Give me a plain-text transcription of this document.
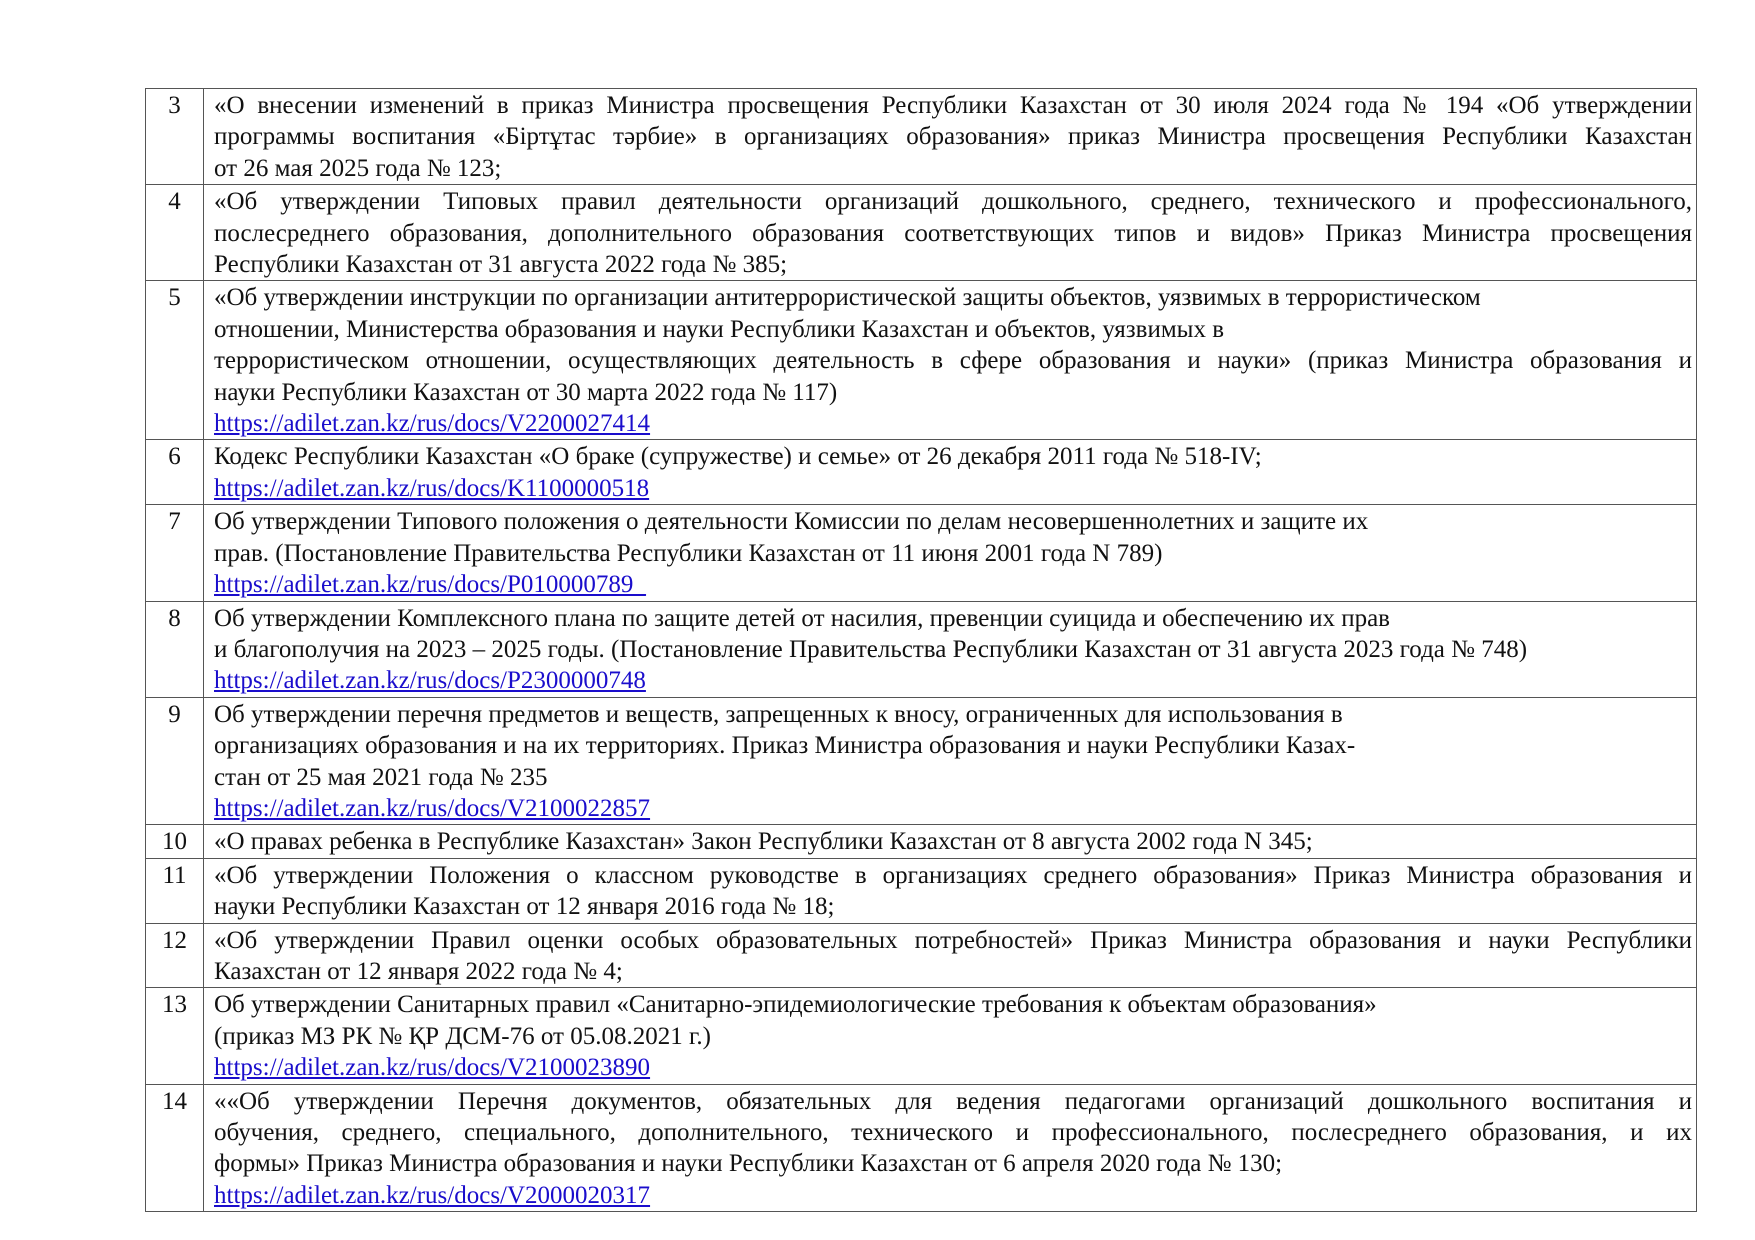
3	«О внесении изменений в приказ Министра просвещения Республики Казахстан от 30 июля 2024 года № 194 «Об утверждении
программы воспитания «Біртұтас тәрбие» в организациях образования» приказ Министра просвещения Республики Казахстан
от 26 мая 2025 года № 123;

4	«Об утверждении Типовых правил деятельности организаций дошкольного, среднего, технического и профессионального,
послесреднего образования, дополнительного образования соответствующих типов и видов» Приказ Министра просвещения
Республики Казахстан от 31 августа 2022 года № 385;

5	«Об утверждении инструкции по организации антитеррористической защиты объектов, уязвимых в террористическом
отношении, Министерства образования и науки Республики Казахстан и объектов, уязвимых в
террористическом отношении, осуществляющих деятельность в сфере образования и науки» (приказ Министра образования и
науки Республики Казахстан от 30 марта 2022 года № 117)
https://adilet.zan.kz/rus/docs/V2200027414

6	Кодекс Республики Казахстан «О браке (супружестве) и семье» от 26 декабря 2011 года № 518-IV;
https://adilet.zan.kz/rus/docs/K1100000518

7	Об утверждении Типового положения о деятельности Комиссии по делам несовершеннолетних и защите их
прав. (Постановление Правительства Республики Казахстан от 11 июня 2001 года N 789)
https://adilet.zan.kz/rus/docs/P010000789_

8	Об утверждении Комплексного плана по защите детей от насилия, превенции суицида и обеспечению их прав
и благополучия на 2023 – 2025 годы. (Постановление Правительства Республики Казахстан от 31 августа 2023 года № 748)
https://adilet.zan.kz/rus/docs/P2300000748

9	Об утверждении перечня предметов и веществ, запрещенных к вносу, ограниченных для использования в
организациях образования и на их территориях. Приказ Министра образования и науки Республики Казах-
стан от 25 мая 2021 года № 235
https://adilet.zan.kz/rus/docs/V2100022857

10	«О правах ребенка в Республике Казахстан» Закон Республики Казахстан от 8 августа 2002 года N 345;

11	«Об утверждении Положения о классном руководстве в организациях среднего образования» Приказ Министра образования и
науки Республики Казахстан от 12 января 2016 года № 18;

12	«Об утверждении Правил оценки особых образовательных потребностей» Приказ Министра образования и науки Республики
Казахстан от 12 января 2022 года № 4;

13	Об утверждении Санитарных правил «Санитарно-эпидемиологические требования к объектам образования»
(приказ МЗ РК № ҚР ДСМ-76 от 05.08.2021 г.)
https://adilet.zan.kz/rus/docs/V2100023890

14	««Об утверждении Перечня документов, обязательных для ведения педагогами организаций дошкольного воспитания и
обучения, среднего, специального, дополнительного, технического и профессионального, послесреднего образования, и их
формы» Приказ Министра образования и науки Республики Казахстан от 6 апреля 2020 года № 130;
https://adilet.zan.kz/rus/docs/V2000020317
